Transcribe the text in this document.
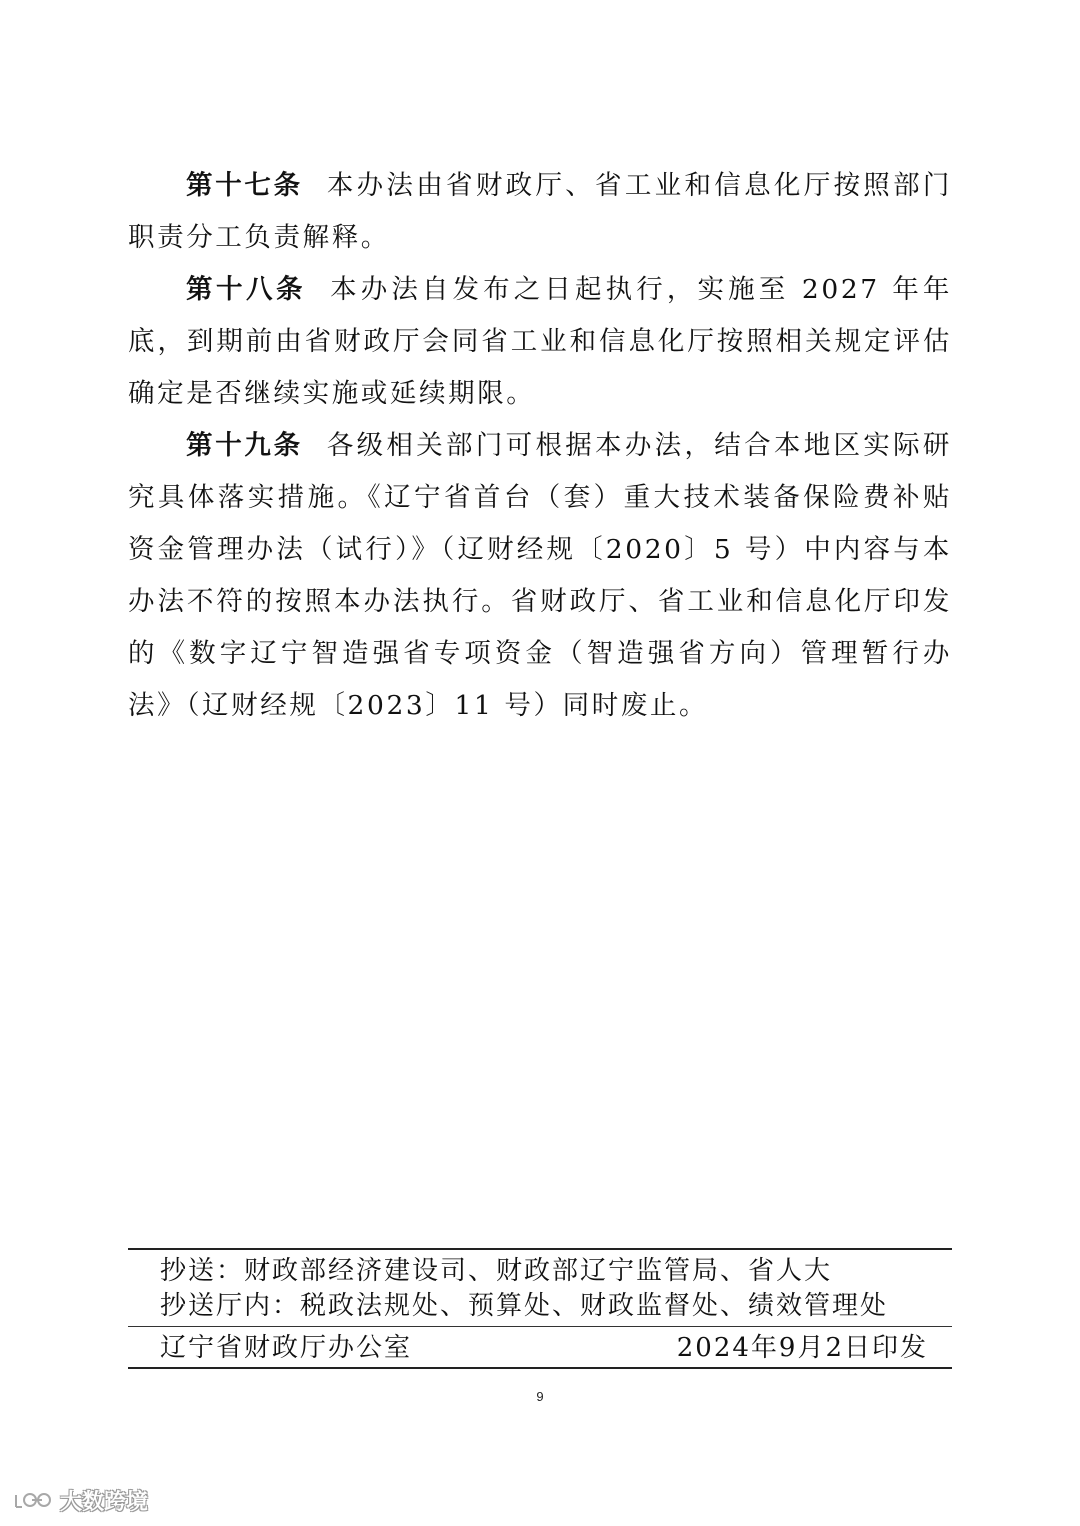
第十七条 本办法由省财政厅、省工业和信息化厅按照部门职责分工负责解释。

第十八条 本办法自发布之日起执行，实施至 2027 年年底，到期前由省财政厅会同省工业和信息化厅按照相关规定评估确定是否继续实施或延续期限。

第十九条 各级相关部门可根据本办法，结合本地区实际研究具体落实措施。《辽宁省首台（套）重大技术装备保险费补贴资金管理办法（试行）》（辽财经规〔2020〕5 号）中内容与本办法不符的按照本办法执行。省财政厅、省工业和信息化厅印发的《数字辽宁智造强省专项资金（智造强省方向）管理暂行办法》（辽财经规〔2023〕11 号）同时废止。

抄送：财政部经济建设司、财政部辽宁监管局、省人大
抄送厅内：税政法规处、预算处、财政监督处、绩效管理处
辽宁省财政厅办公室	2024年9月2日印发
9
大数跨境
